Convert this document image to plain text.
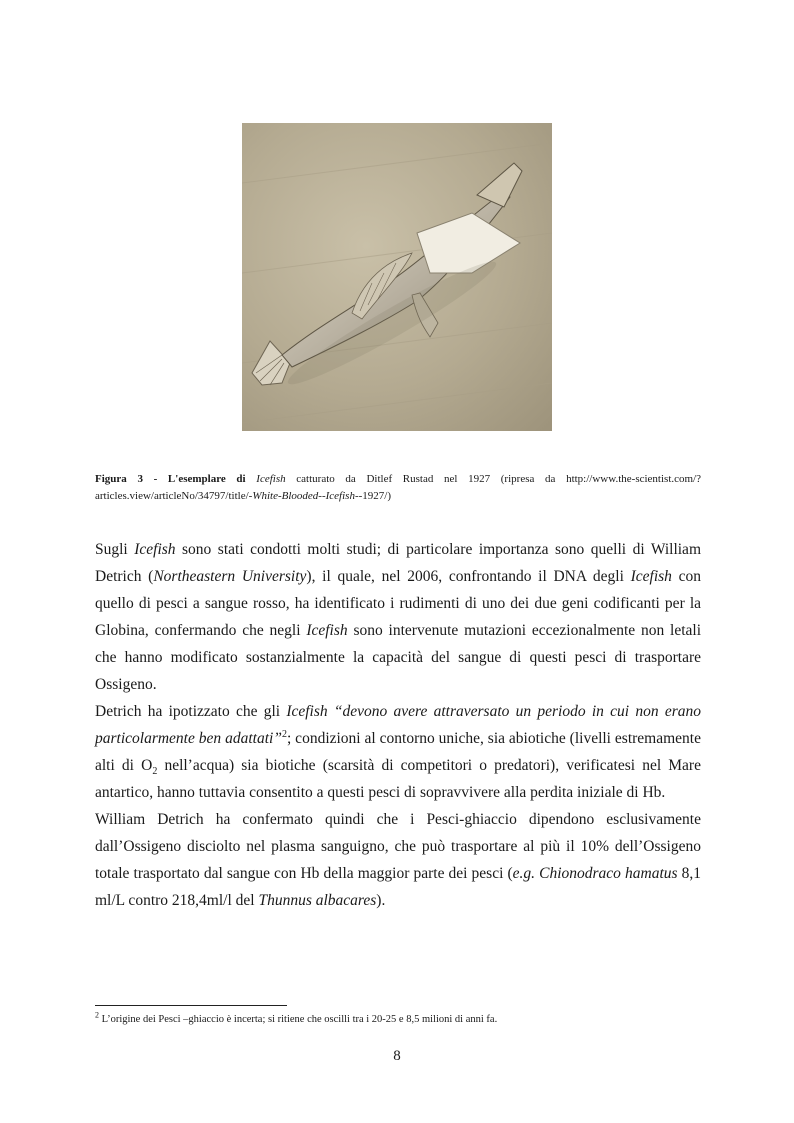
Figura 3 - L'esemplare di Icefish catturato da Ditlef Rustad nel 1927 (ripresa da http://www.the-scientist.com/?articles.view/articleNo/34797/title/-White-Blooded--Icefish--1927/)

Sugli Icefish sono stati condotti molti studi; di particolare importanza sono quelli di William Detrich (Northeastern University), il quale, nel 2006, confrontando il DNA degli Icefish con quello di pesci a sangue rosso, ha identificato i rudimenti di uno dei due geni codificanti per la Globina, confermando che negli Icefish sono intervenute mutazioni eccezionalmente non letali che hanno modificato sostanzialmente la capacità del sangue di questi pesci di trasportare Ossigeno.

Detrich ha ipotizzato che gli Icefish “devono avere attraversato un periodo in cui non erano particolarmente ben adattati”$^2$; condizioni al contorno uniche, sia abiotiche (livelli estremamente alti di $O_2$ nell’acqua) sia biotiche (scarsità di competitori o predatori), verificatesi nel Mare antartico, hanno tuttavia consentito a questi pesci di sopravvivere alla perdita iniziale di Hb.

William Detrich ha confermato quindi che i Pesci-ghiaccio dipendono esclusivamente dall’Ossigeno disciolto nel plasma sanguigno, che può trasportare al più il 10% dell’Ossigeno totale trasportato dal sangue con Hb della maggior parte dei pesci (e.g. Chionodraco hamatus 8,1 ml/L contro 218,4ml/l del Thunnus albacares).

$^2$ L’origine dei Pesci –ghiaccio è incerta; si ritiene che oscilli tra i 20-25 e 8,5 milioni di anni fa.
8
